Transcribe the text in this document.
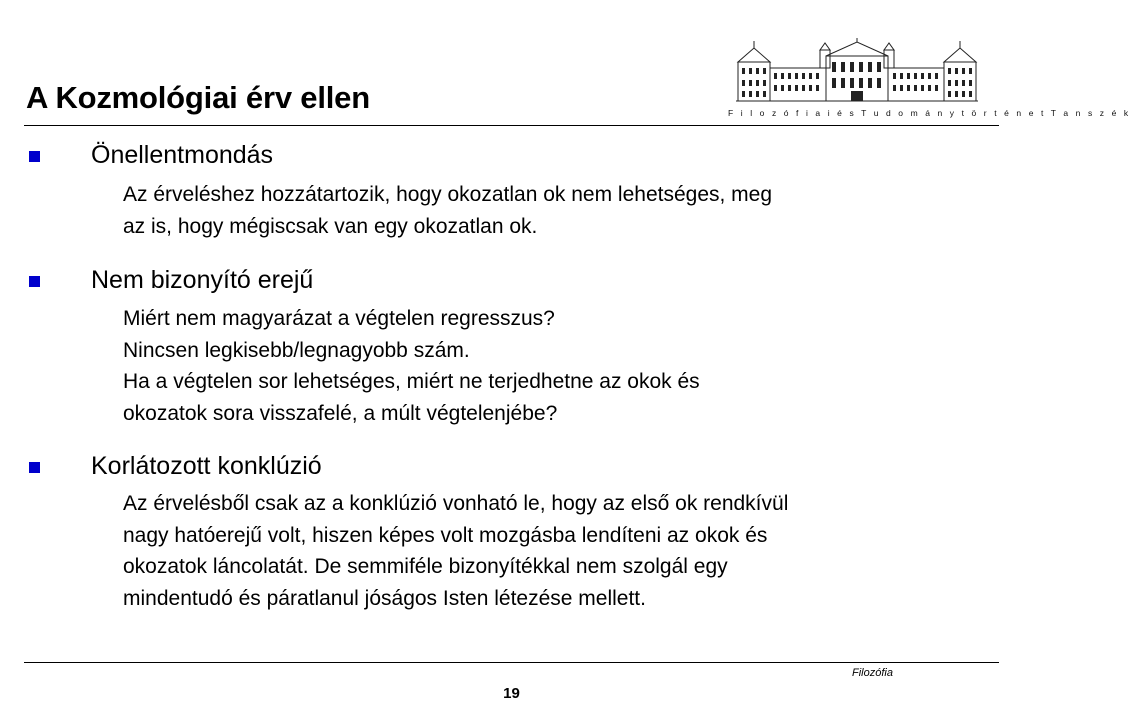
A Kozmológiai érv ellen	F i l o z ó f i a i é s T u d o m á n y t ö r t é n e t T a n s z é k
Önellentmondás
Az érveléshez hozzátartozik, hogy okozatlan ok nem lehetséges, meg
az is, hogy mégiscsak van egy okozatlan ok.
Nem bizonyító erejű
Miért nem magyarázat a végtelen regresszus?
Nincsen legkisebb/legnagyobb szám.
Ha a végtelen sor lehetséges, miért ne terjedhetne az okok és
okozatok sora visszafelé, a múlt végtelenjébe?
Korlátozott konklúzió
Az érvelésből csak az a konklúzió vonható le, hogy az első ok rendkívül
nagy hatóerejű volt, hiszen képes volt mozgásba lendíteni az okok és
okozatok láncolatát. De semmiféle bizonyítékkal nem szolgál egy
mindentudó és páratlanul jóságos Isten létezése mellett.
Filozófia
19
